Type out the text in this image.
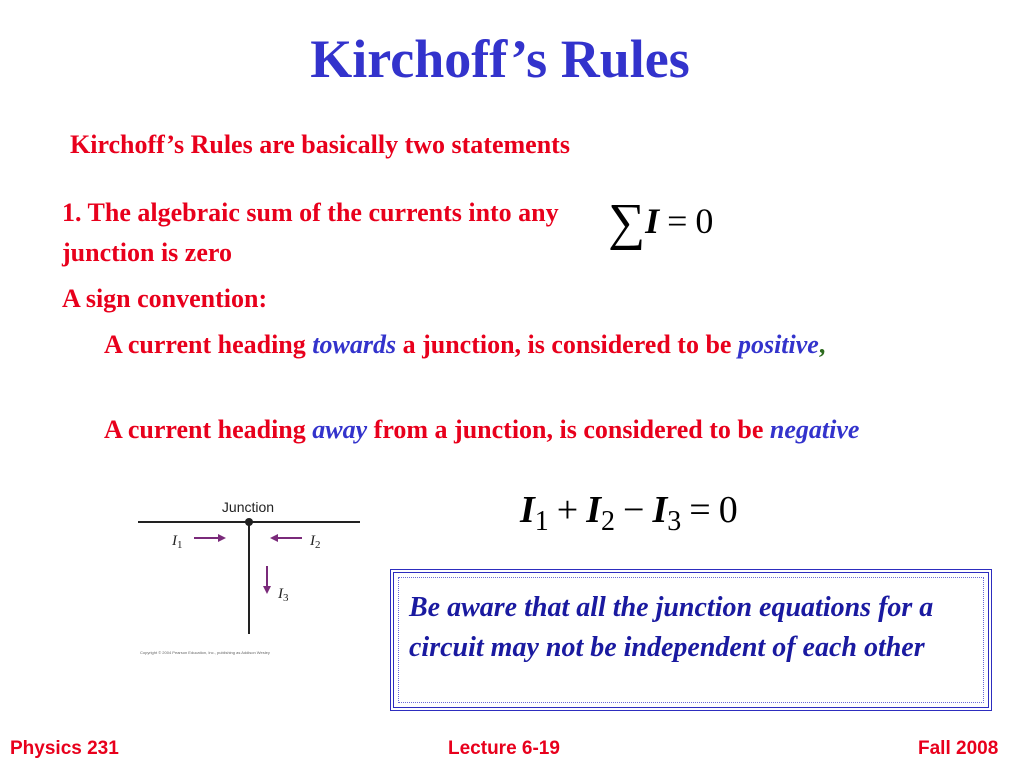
Kirchoff’s Rules
Kirchoff’s Rules are basically two statements
1. The algebraic sum of the currents into any junction is zero
∑I = 0
A sign convention:
A current heading towards a junction, is considered to be positive,
A current heading away from a junction, is considered to be negative
$I_1 + I_2 - I_3 = 0$
Junction
$I_1$	$I_2$
$I_3$
Copyright © 2004 Pearson Education, Inc., publishing as Addison Wesley
Be aware that all the junction equations for a circuit may not be independent of each other
Physics 231	Lecture 6-19	Fall 2008
